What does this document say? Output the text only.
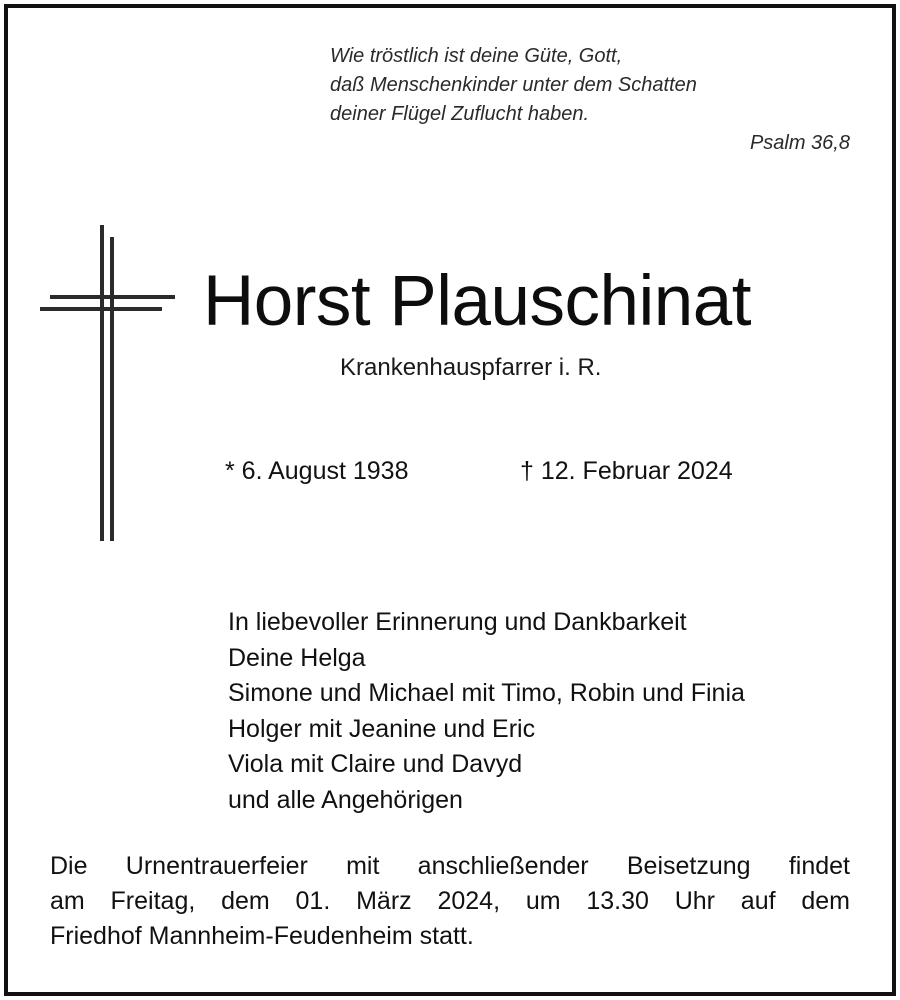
Wie tröstlich ist deine Güte, Gott,
daß Menschenkinder unter dem Schatten
deiner Flügel Zuflucht haben.
Psalm 36,8
Horst Plauschinat
Krankenhauspfarrer i. R.
* 6. August 1938	† 12. Februar 2024
In liebevoller Erinnerung und Dankbarkeit
Deine Helga
Simone und Michael mit Timo, Robin und Finia
Holger mit Jeanine und Eric
Viola mit Claire und Davyd
und alle Angehörigen
Die Urnentrauerfeier mit anschließender Beisetzung findet
am Freitag, dem 01. März 2024, um 13.30 Uhr auf dem
Friedhof Mannheim-Feudenheim statt.
